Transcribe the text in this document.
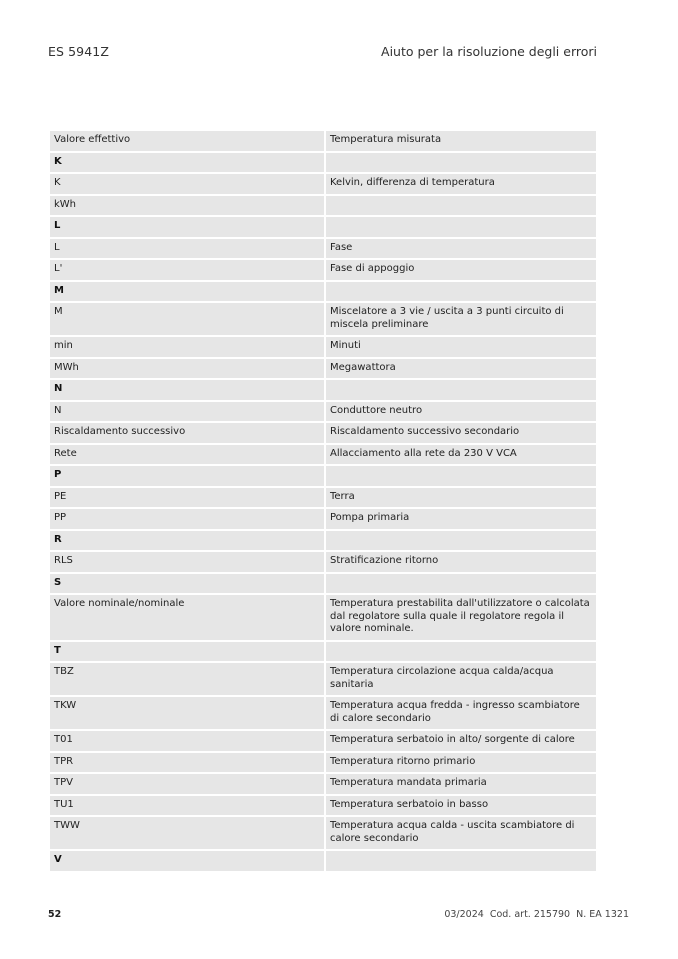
ES 5941Z	Aiuto per la risoluzione degli errori
Valore effettivo	Temperatura misurata
K	
K	Kelvin, differenza di temperatura
kWh	
L	
L	Fase
L'	Fase di appoggio
M	
M	Miscelatore a 3 vie / uscita a 3 punti circuito di miscela preliminare
min	Minuti
MWh	Megawattora
N	
N	Conduttore neutro
Riscaldamento successivo	Riscaldamento successivo secondario
Rete	Allacciamento alla rete da 230 V VCA
P	
PE	Terra
PP	Pompa primaria
R	
RLS	Stratificazione ritorno
S	
Valore nominale/nominale	Temperatura prestabilita dall'utilizzatore o calcolata dal regolatore sulla quale il regolatore regola il valore nominale.
T	
TBZ	Temperatura circolazione acqua calda/acqua sanitaria
TKW	Temperatura acqua fredda - ingresso scambiatore di calore secondario
T01	Temperatura serbatoio in alto/ sorgente di calore
TPR	Temperatura ritorno primario
TPV	Temperatura mandata primaria
TU1	Temperatura serbatoio in basso
TWW	Temperatura acqua calda - uscita scambiatore di calore secondario
V	
52	03/2024  Cod. art. 215790  N. EA 1321
